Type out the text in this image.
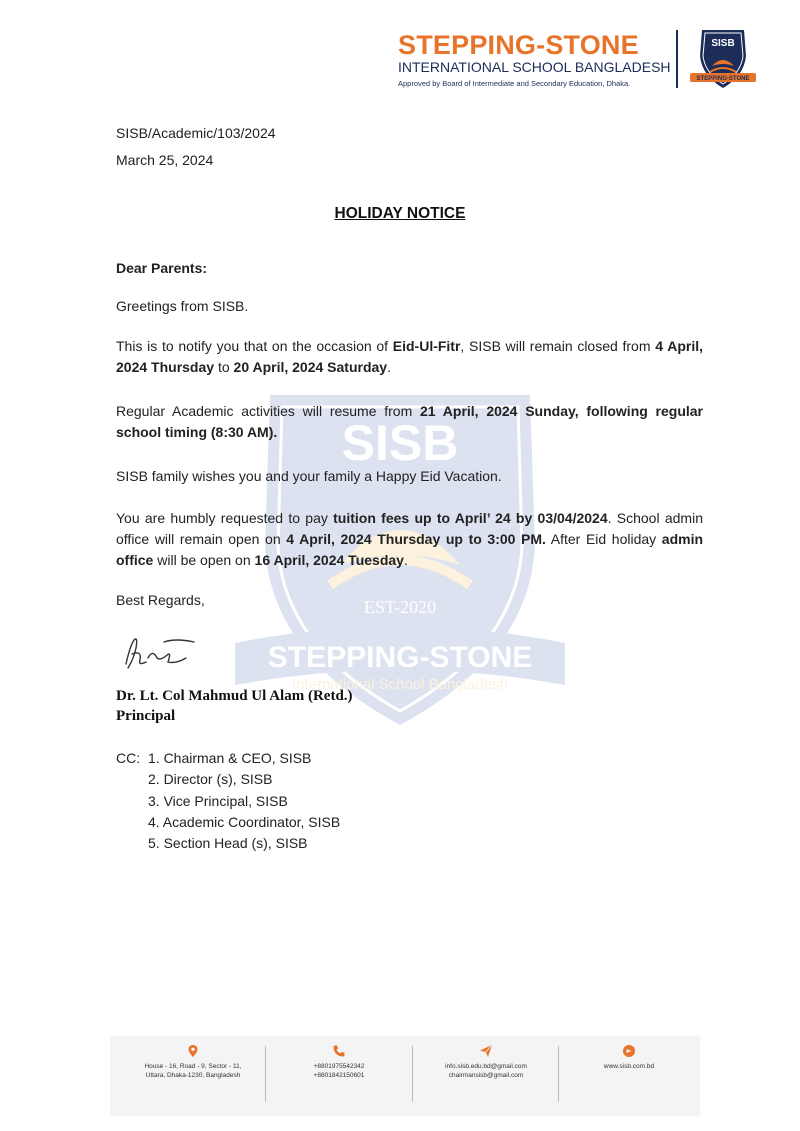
STEPPING-STONE
INTERNATIONAL SCHOOL BANGLADESH
Approved by Board of Intermediate and Secondary Education, Dhaka.
SISB
STEPPING-STONE
SISB
EST-2020
STEPPING-STONE
International School Bangladesh
SISB/Academic/103/2024
March 25, 2024
HOLIDAY NOTICE
Dear Parents:
Greetings from SISB.
This is to notify you that on the occasion of Eid-Ul-Fitr, SISB will remain closed from 4 April, 2024 Thursday to 20 April, 2024 Saturday.
Regular Academic activities will resume from 21 April, 2024 Sunday, following regular school timing (8:30 AM).
SISB family wishes you and your family a Happy Eid Vacation.
You are humbly requested to pay tuition fees up to April’ 24 by 03/04/2024. School admin office will remain open on 4 April, 2024 Thursday up to 3:00 PM. After Eid holiday admin office will be open on 16 April, 2024 Tuesday.
Best Regards,
Dr. Lt. Col Mahmud Ul Alam (Retd.)
Principal
CC: 1. Chairman & CEO, SISB
2. Director (s), SISB
3. Vice Principal, SISB
4. Academic Coordinator, SISB
5. Section Head (s), SISB
House - 16, Road - 9, Sector - 11,
Uttara, Dhaka-1230, Bangladesh
+8801975542342
+8801842150601
info.sisb.edu.bd@gmail.com
chairmansisb@gmail.com
www.sisb.com.bd
